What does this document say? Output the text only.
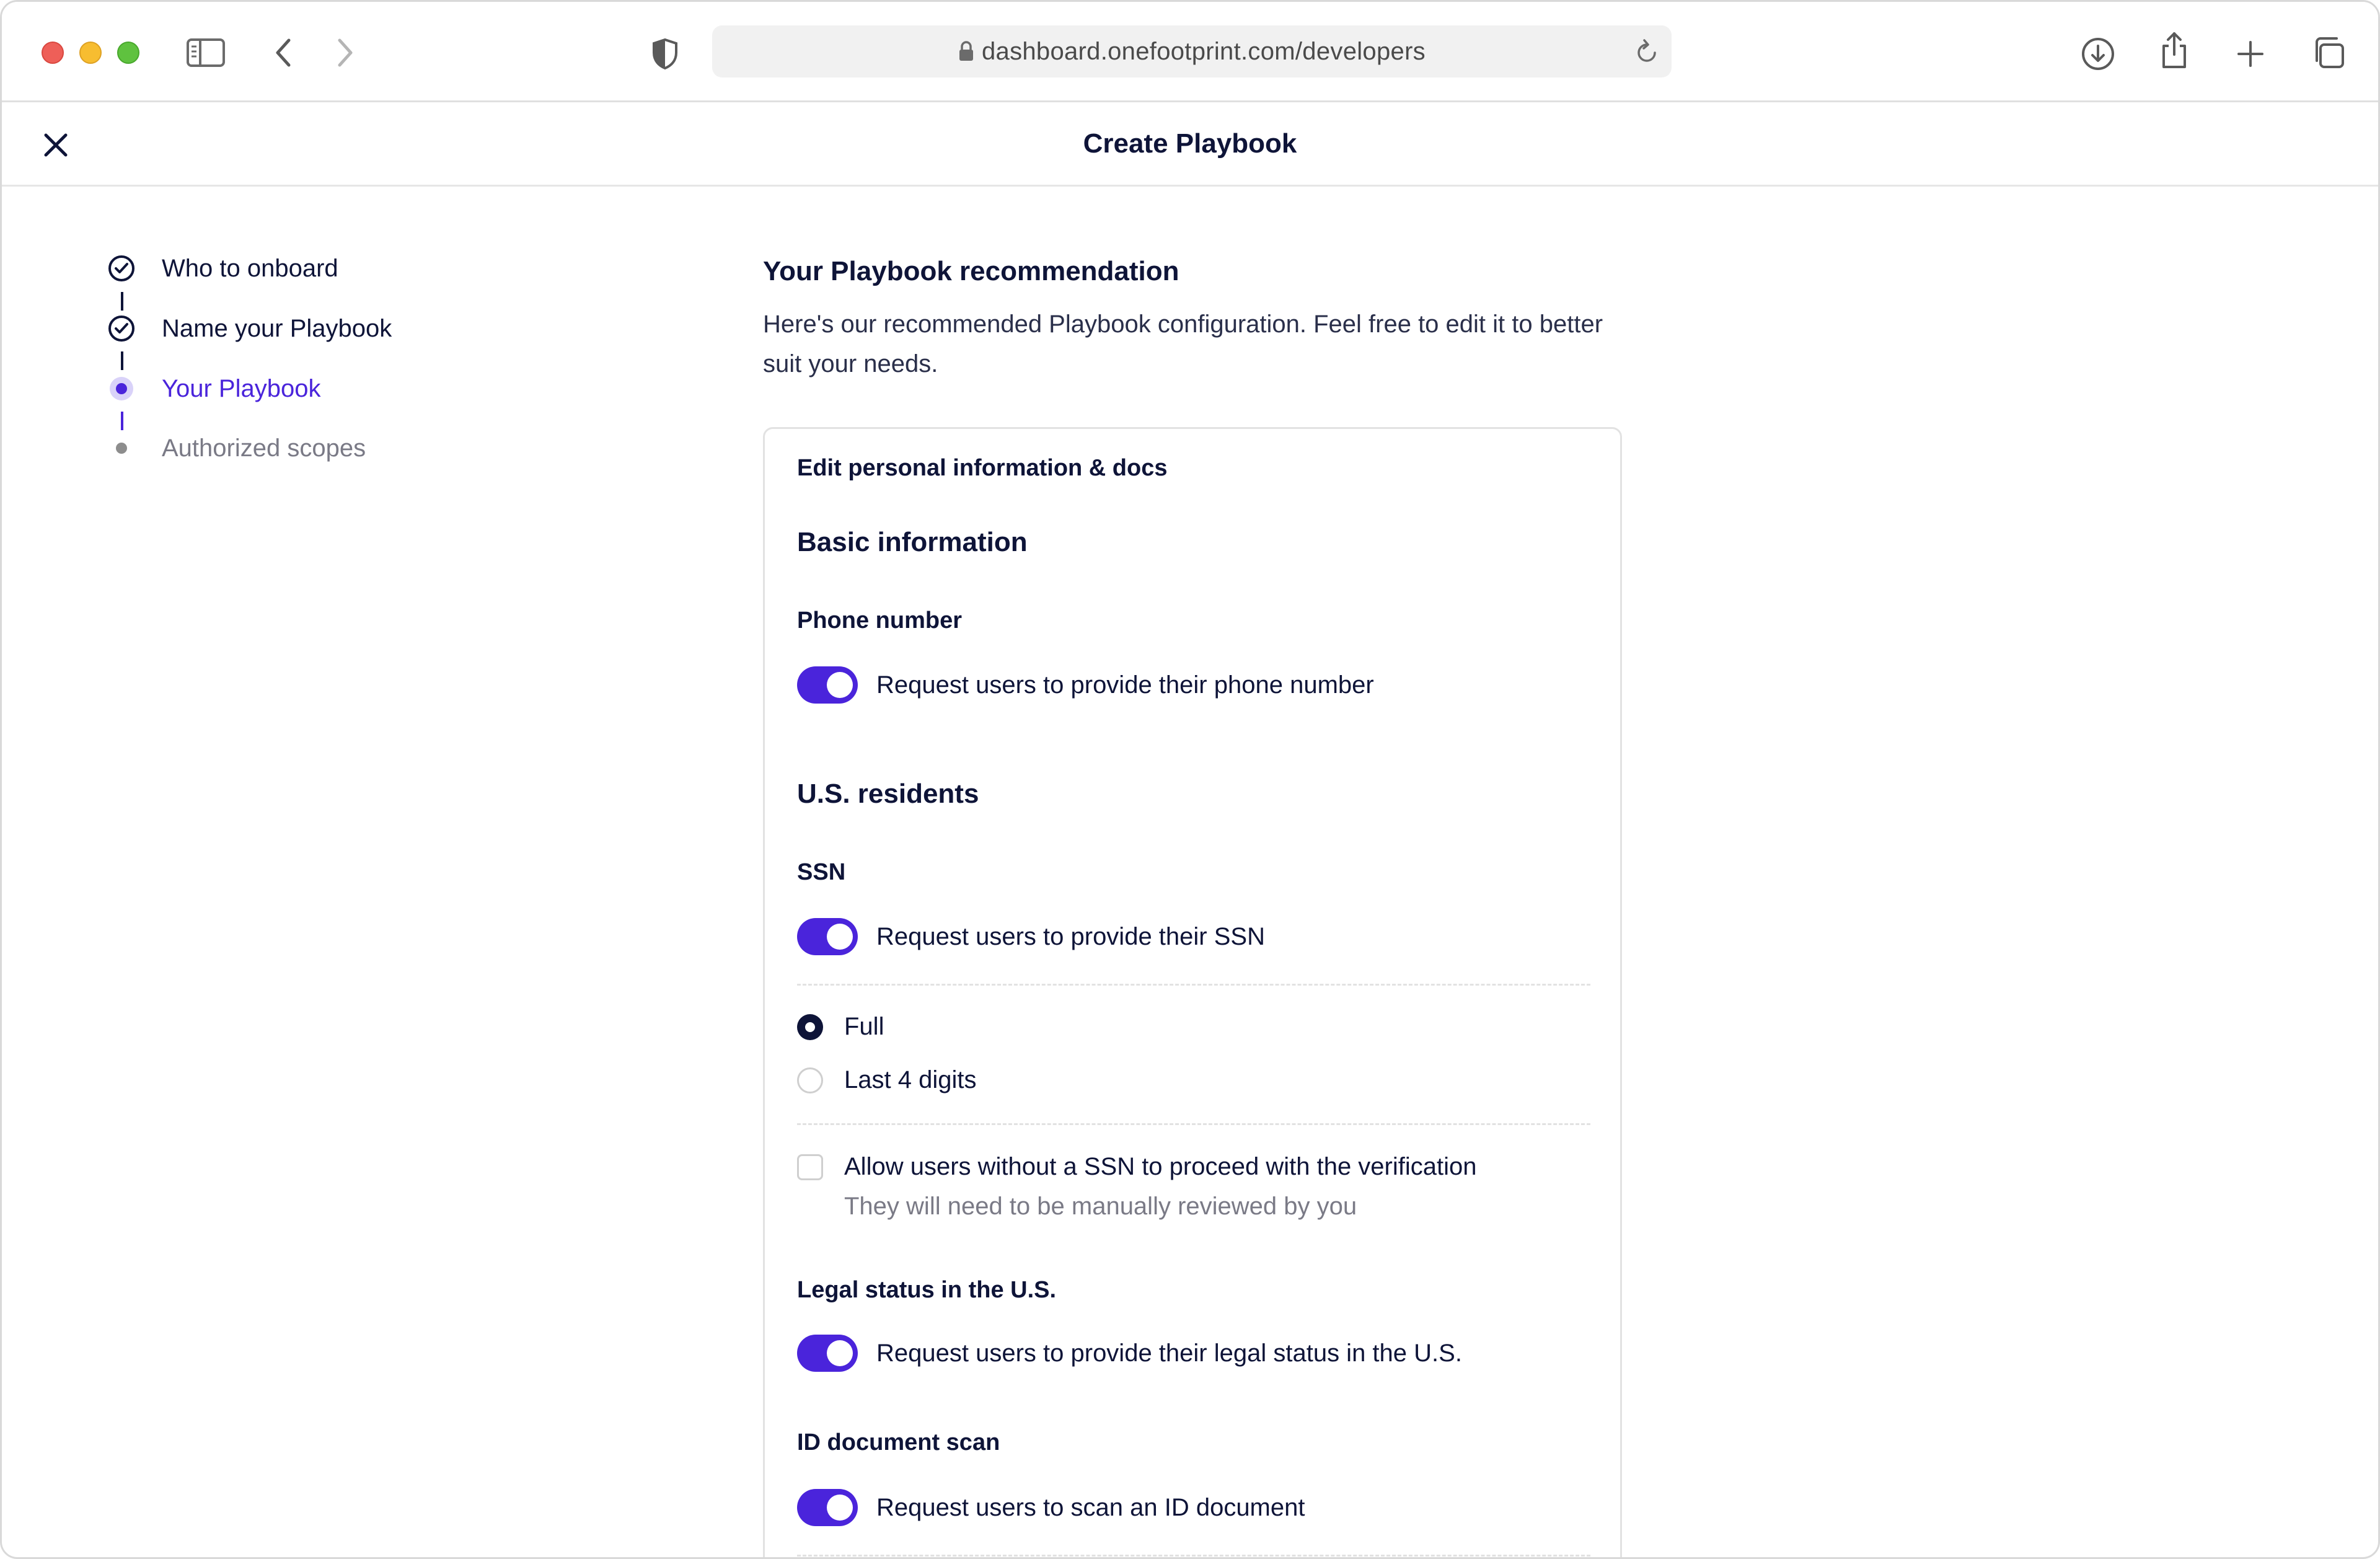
dashboard.onefootprint.com/developers
Create Playbook
Who to onboard
Name your Playbook
Your Playbook
Authorized scopes
Your Playbook recommendation
Here's our recommended Playbook configuration. Feel free to edit it to better suit your needs.
Edit personal information & docs
Basic information
Phone number
Request users to provide their phone number
U.S. residents
SSN
Request users to provide their SSN
Full
Last 4 digits
Allow users without a SSN to proceed with the verification
They will need to be manually reviewed by you
Legal status in the U.S.
Request users to provide their legal status in the U.S.
ID document scan
Request users to scan an ID document
